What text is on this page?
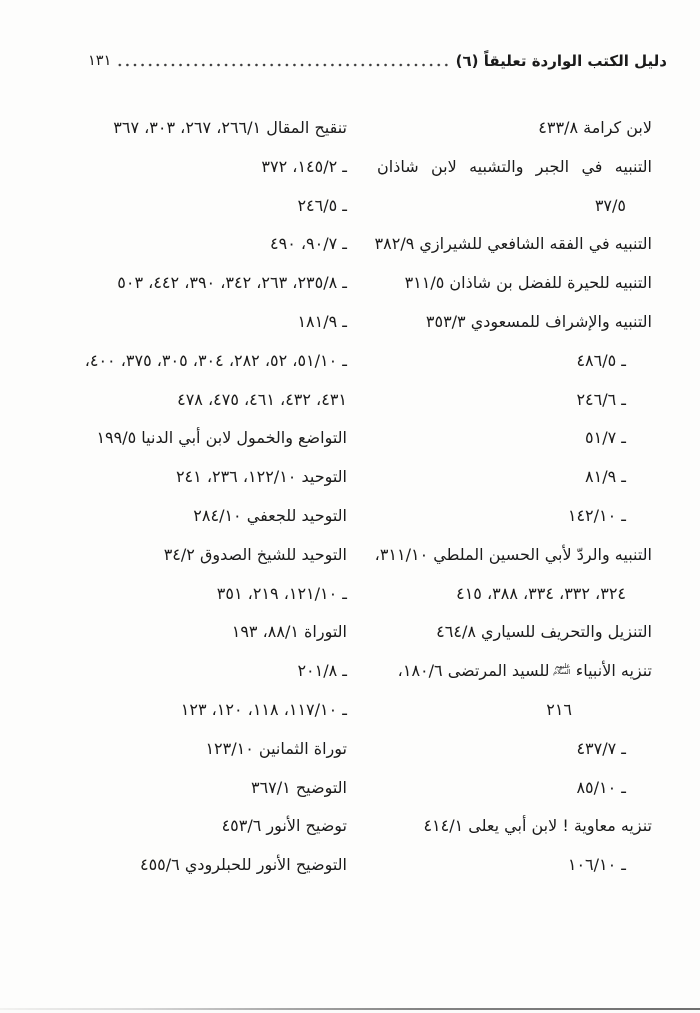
دليل الكتب الواردة تعليقاً (٦)
١٣١
لابن كرامة ٤٣٣/٨
التنبيه في الجبر والتشبيه لابن شاذان
٣٧/٥
التنبيه في الفقه الشافعي للشيرازي ٣٨٢/٩
التنبيه للحيرة للفضل بن شاذان ٣١١/٥
التنبيه والإشراف للمسعودي ٣٥٣/٣
ـ ٤٨٦/٥
ـ ٢٤٦/٦
ـ ٥١/٧
ـ ٨١/٩
ـ ١٤٢/١٠
التنبيه والردّ لأبي الحسين الملطي ٣١١/١٠،
٣٢٤، ٣٣٢، ٣٣٤، ٣٨٨، ٤١٥
التنزيل والتحريف للسياري ٤٦٤/٨
تنزيه الأنبياء عليهم السلام للسيد المرتضى ١٨٠/٦،
٢١٦
ـ ٤٣٧/٧
ـ ٨٥/١٠
تنزيه معاوية ! لابن أبي يعلى ٤١٤/١
ـ ١٠٦/١٠
تنقيح المقال ٢٦٦/١، ٢٦٧، ٣٠٣، ٣٦٧
ـ ١٤٥/٢، ٣٧٢
ـ ٢٤٦/٥
ـ ٩٠/٧، ٤٩٠
ـ ٢٣٥/٨، ٢٦٣، ٣٤٢، ٣٩٠، ٤٤٢، ٥٠٣
ـ ١٨١/٩
ـ ٥١/١٠، ٥٢، ٢٨٢، ٣٠٤، ٣٠٥، ٣٧٥، ٤٠٠،
٤٣١، ٤٣٢، ٤٦١، ٤٧٥، ٤٧٨
التواضع والخمول لابن أبي الدنيا ١٩٩/٥
التوحيد ١٢٢/١٠، ٢٣٦، ٢٤١
التوحيد للجعفي ٢٨٤/١٠
التوحيد للشيخ الصدوق ٣٤/٢
ـ ١٢١/١٠، ٢١٩، ٣٥١
التوراة ٨٨/١، ١٩٣
ـ ٢٠١/٨
ـ ١١٧/١٠، ١١٨، ١٢٠، ١٢٣
توراة الثمانين ١٢٣/١٠
التوضيح ٣٦٧/١
توضيح الأنور ٤٥٣/٦
التوضيح الأنور للحبلرودي ٤٥٥/٦
